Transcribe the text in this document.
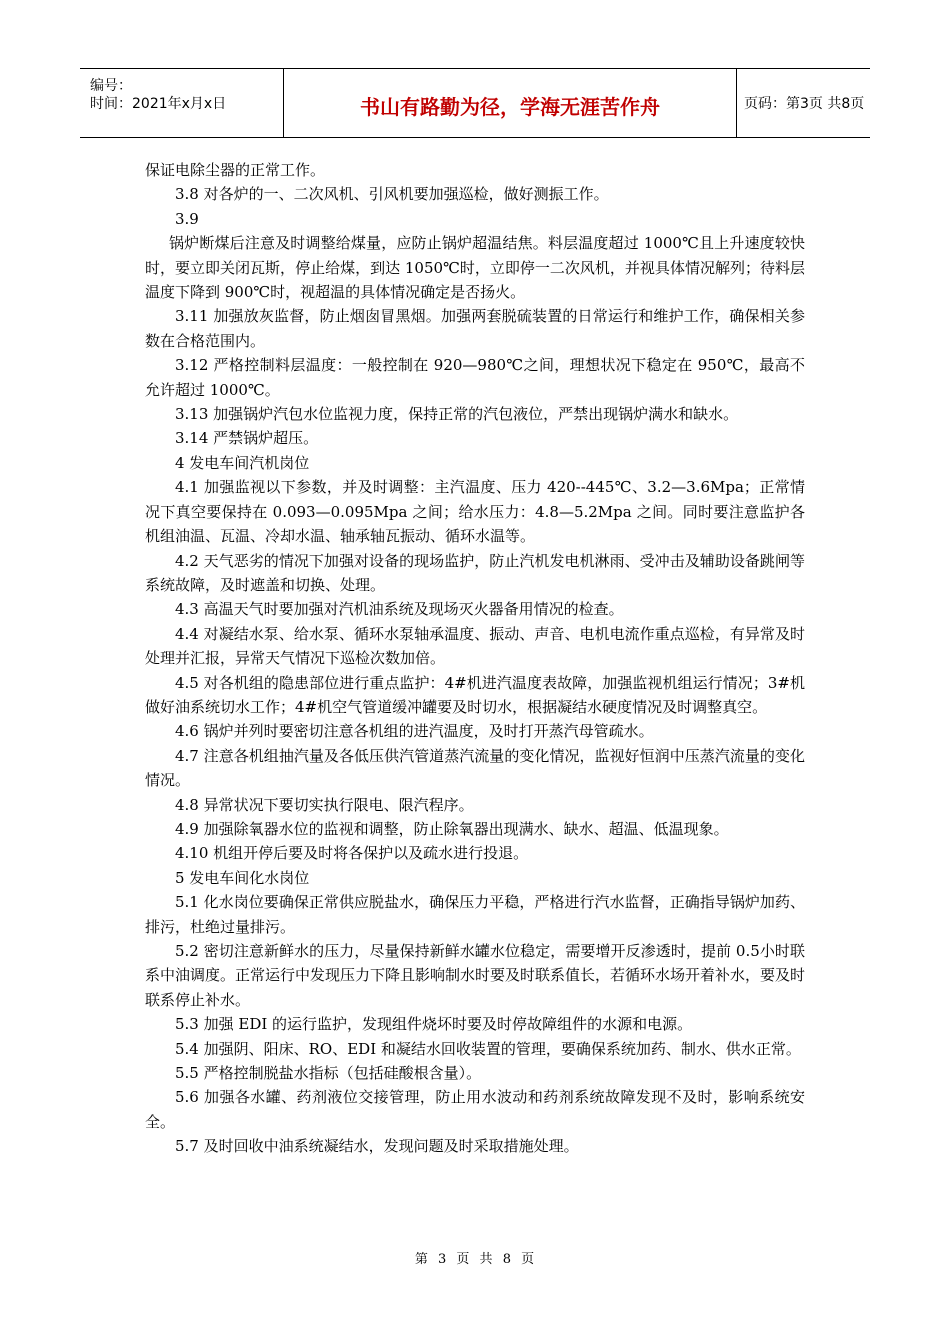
编号：
时间：2021年x月x日	书山有路勤为径，学海无涯苦作舟	页码：第3页 共8页

保证电除尘器的正常工作。

3.8 对各炉的一、二次风机、引风机要加强巡检，做好测振工作。

3.9

锅炉断煤后注意及时调整给煤量，应防止锅炉超温结焦。料层温度超过 1000℃且上升速度较快时，要立即关闭瓦斯，停止给煤，到达 1050℃时，立即停一二次风机，并视具体情况解列；待料层温度下降到 900℃时，视超温的具体情况确定是否扬火。

3.11 加强放灰监督，防止烟囱冒黑烟。加强两套脱硫装置的日常运行和维护工作，确保相关参数在合格范围内。

3.12 严格控制料层温度：一般控制在 920—980℃之间，理想状况下稳定在 950℃，最高不允许超过 1000℃。

3.13 加强锅炉汽包水位监视力度，保持正常的汽包液位，严禁出现锅炉满水和缺水。

3.14 严禁锅炉超压。

4 发电车间汽机岗位

4.1 加强监视以下参数，并及时调整：主汽温度、压力 420--445℃、3.2—3.6Mpa；正常情况下真空要保持在 0.093—0.095Mpa 之间；给水压力：4.8—5.2Mpa 之间。同时要注意监护各机组油温、瓦温、冷却水温、轴承轴瓦振动、循环水温等。

4.2 天气恶劣的情况下加强对设备的现场监护，防止汽机发电机淋雨、受冲击及辅助设备跳闸等系统故障，及时遮盖和切换、处理。

4.3 高温天气时要加强对汽机油系统及现场灭火器备用情况的检查。

4.4 对凝结水泵、给水泵、循环水泵轴承温度、振动、声音、电机电流作重点巡检，有异常及时处理并汇报，异常天气情况下巡检次数加倍。

4.5 对各机组的隐患部位进行重点监护：4#机进汽温度表故障，加强监视机组运行情况；3#机做好油系统切水工作；4#机空气管道缓冲罐要及时切水，根据凝结水硬度情况及时调整真空。

4.6 锅炉并列时要密切注意各机组的进汽温度，及时打开蒸汽母管疏水。

4.7 注意各机组抽汽量及各低压供汽管道蒸汽流量的变化情况，监视好恒润中压蒸汽流量的变化情况。

4.8 异常状况下要切实执行限电、限汽程序。

4.9 加强除氧器水位的监视和调整，防止除氧器出现满水、缺水、超温、低温现象。

4.10 机组开停后要及时将各保护以及疏水进行投退。

5 发电车间化水岗位

5.1 化水岗位要确保正常供应脱盐水，确保压力平稳，严格进行汽水监督，正确指导锅炉加药、排污，杜绝过量排污。

5.2 密切注意新鲜水的压力，尽量保持新鲜水罐水位稳定，需要增开反渗透时，提前 0.5小时联系中油调度。正常运行中发现压力下降且影响制水时要及时联系值长，若循环水场开着补水，要及时联系停止补水。

5.3 加强 EDI 的运行监护，发现组件烧坏时要及时停故障组件的水源和电源。

5.4 加强阴、阳床、RO、EDI 和凝结水回收装置的管理，要确保系统加药、制水、供水正常。

5.5 严格控制脱盐水指标（包括硅酸根含量）。

5.6 加强各水罐、药剂液位交接管理，防止用水波动和药剂系统故障发现不及时，影响系统安全。

5.7 及时回收中油系统凝结水，发现问题及时采取措施处理。

第 3 页 共 8 页
